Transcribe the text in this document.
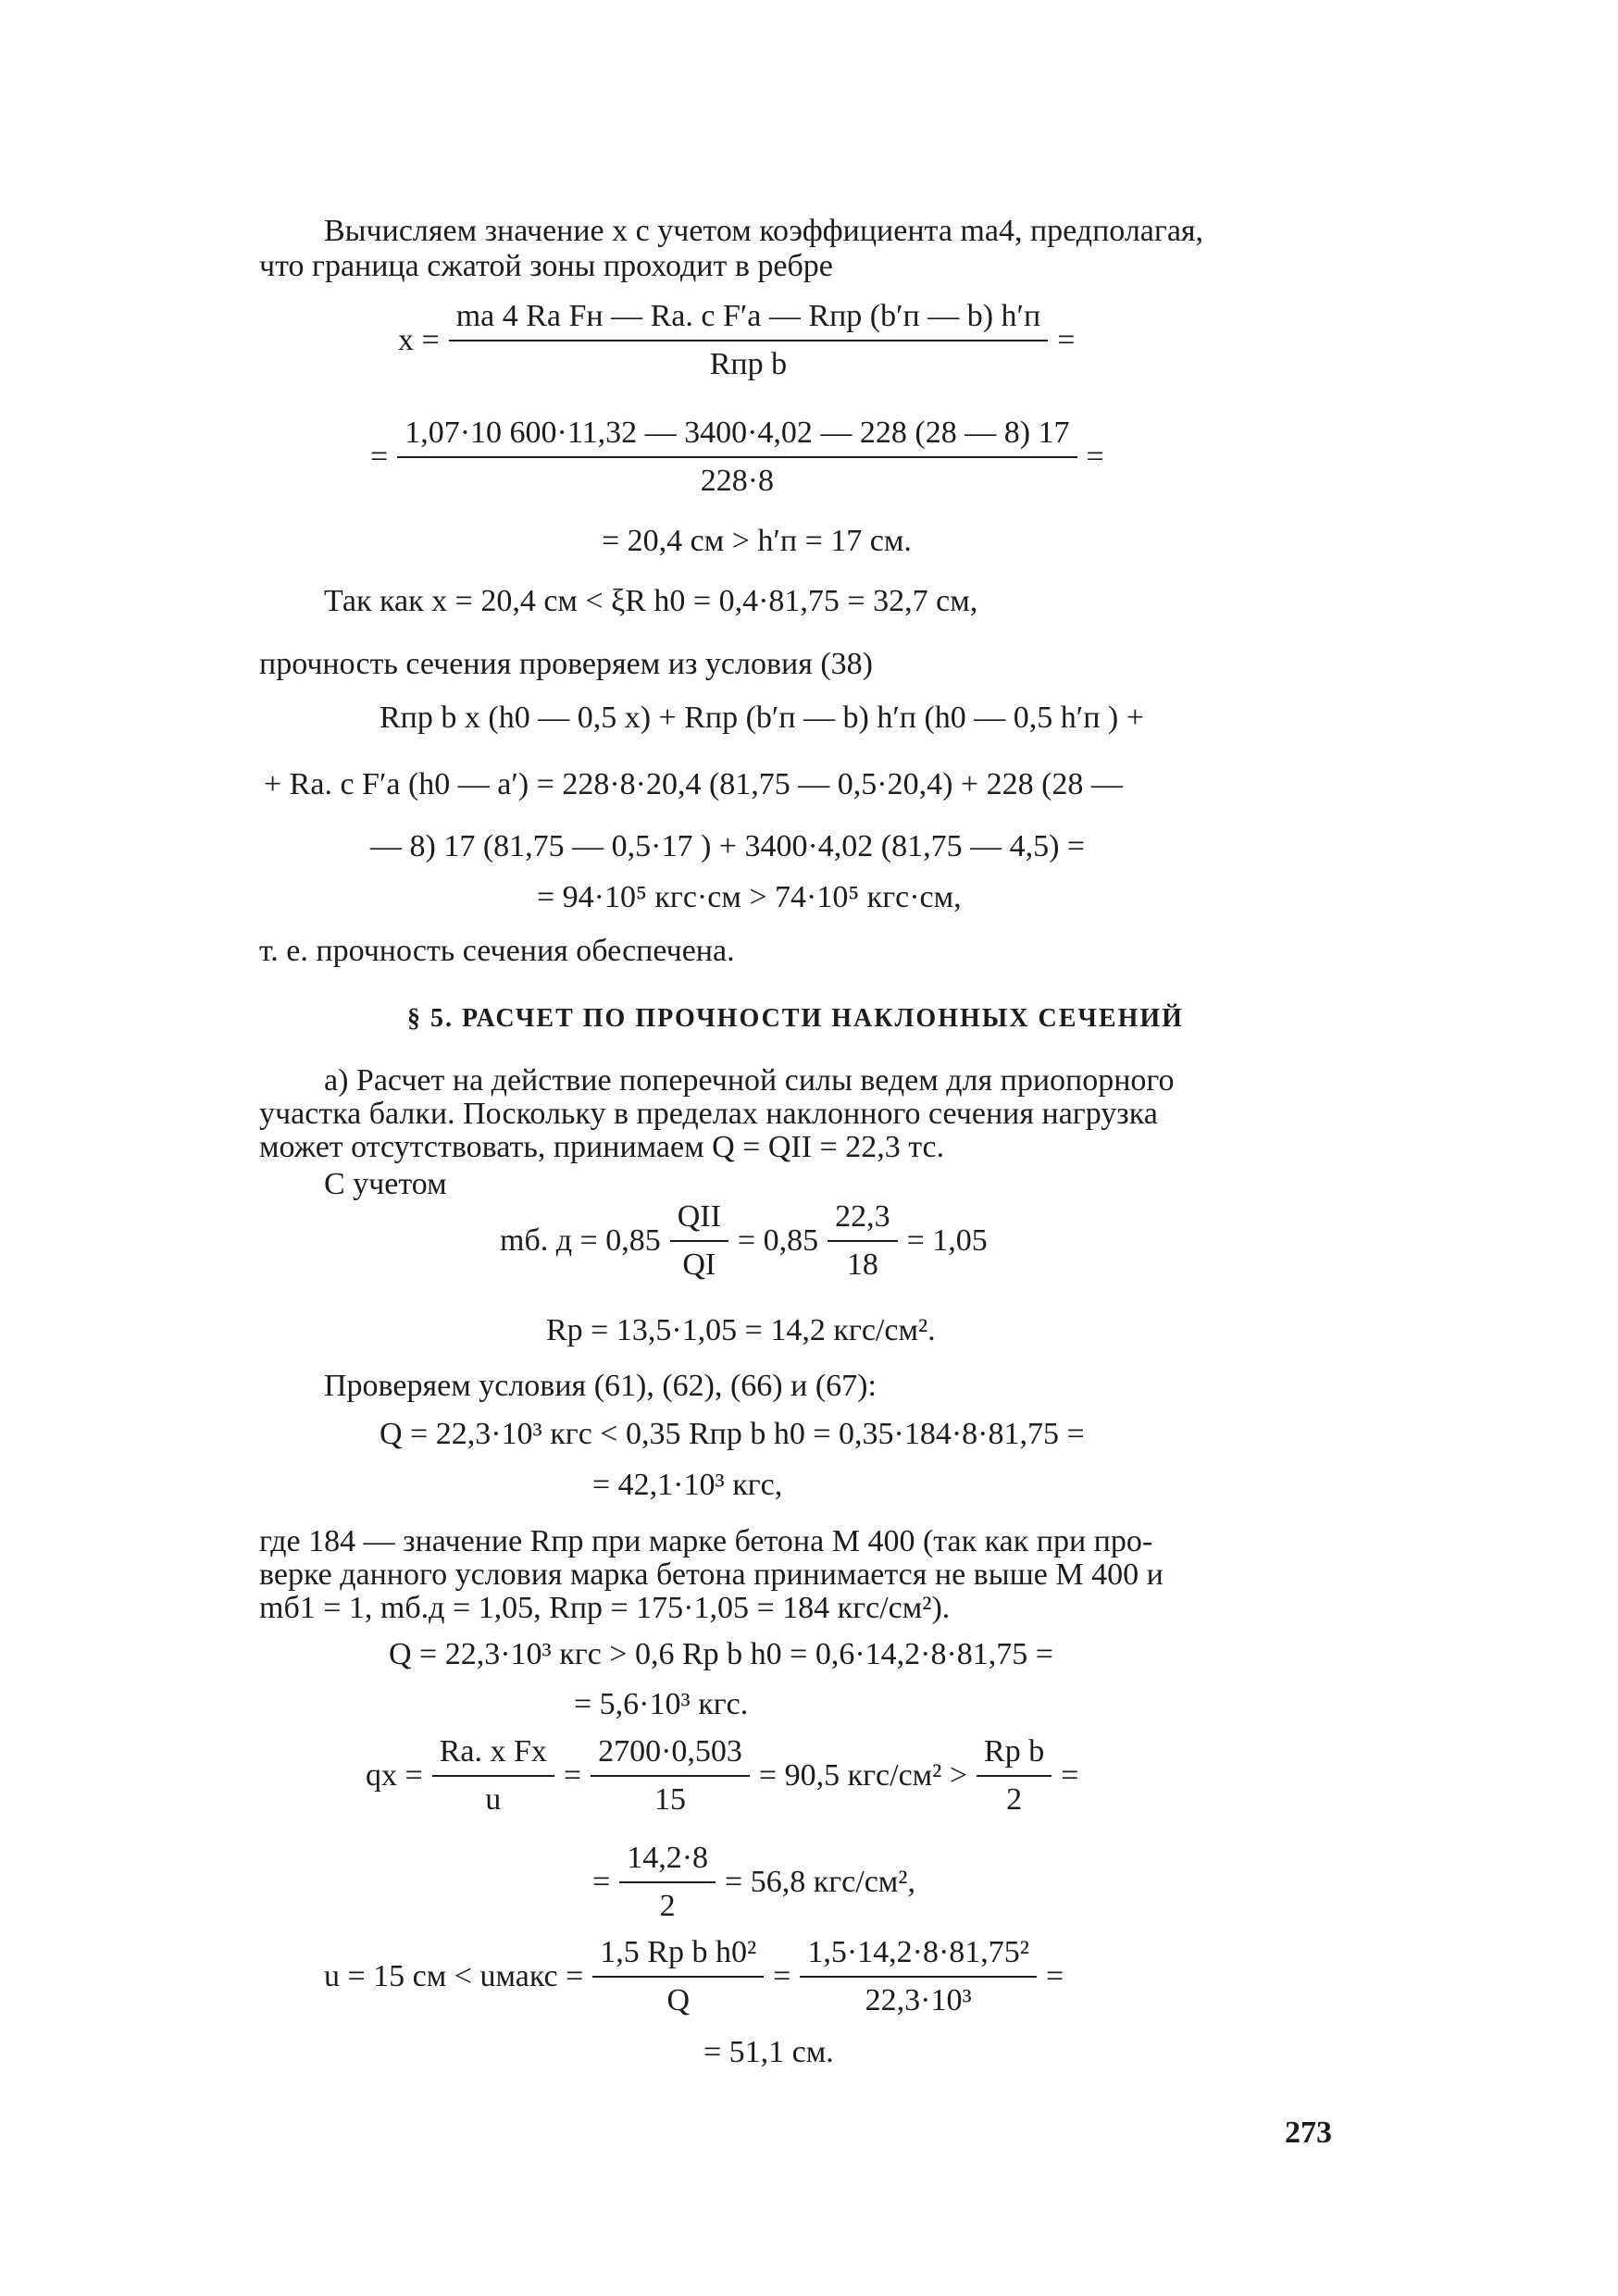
Вычисляем значение x с учетом коэффициента mа4, предполагая,
что граница сжатой зоны проходит в ребре
$x = \frac{\text{mа 4 Rа Fн — Rа. с F′а — Rпр (b′п — b) h′п}}{\text{Rпр b}}$ =
= $\frac{1,07\cdot 10 600\cdot 11,32 — 3400\cdot 4,02 — 228 (28 — 8) 17}{228\cdot 8}$ =
= 20,4 см > h′п = 17 см.
Так как x = 20,4 см < ξR h0 = 0,4·81,75 = 32,7 см,
прочность сечения проверяем из условия (38)
Rпр b x (h0 — 0,5 x) + Rпр (b′п — b) h′п (h0 — 0,5 h′п ) +
+ Rа. с F′а (h0 — a′) = 228·8·20,4 (81,75 — 0,5·20,4) + 228 (28 —
— 8) 17 (81,75 — 0,5·17 ) + 3400·4,02 (81,75 — 4,5) =
= 94·10⁵ кгс·см > 74·10⁵ кгс·см,
т. е. прочность сечения обеспечена.
§ 5. РАСЧЕТ ПО ПРОЧНОСТИ НАКЛОННЫХ СЕЧЕНИЙ
а) Расчет на действие поперечной силы ведем для приопорного
участка балки. Поскольку в пределах наклонного сечения нагрузка
может отсутствовать, принимаем Q = QII = 22,3 тс.
С учетом
mб. $д = 0,85 \frac{\text{QII}}{QI} = 0,85 \frac{22,3}{18} = 1,05$
Rр = 13,5·1,05 = 14,2 кгс/см².
Проверяем условия (61), (62), (66) и (67):
Q = 22,3·10³ кгс < 0,35 Rпр b h0 = 0,35·184·8·81,75 =
= 42,1·10³ кгс,
где 184 — значение Rпр при марке бетона М 400 (так как при про-
верке данного условия марка бетона принимается не выше М 400 и
mб1 = 1, mб.д = 1,05, Rпр = 175·1,05 = 184 кгс/см²).
Q = 22,3·10³ кгс > 0,6 Rр b h0 = 0,6·14,2·8·81,75 =
= 5,6·10³ кгс.
qх = $\frac{\text{Rа. х Fх}}{u} = \frac{2700\cdot 0,503}{15} = 90,5$ $кгс/см^2 > \frac{\text{Rр b}}{2}$ =
= $\frac{14,2\cdot 8}{2} = 56,8$ кгс/см²,
u = 15 см < uмакс = $\frac{\text{1,5 Rр b h0²}}{Q} = \frac{\text{1,5·14,2·8·81,75²}}{\text{22,3·10³}}$ =
= 51,1 см.
273
